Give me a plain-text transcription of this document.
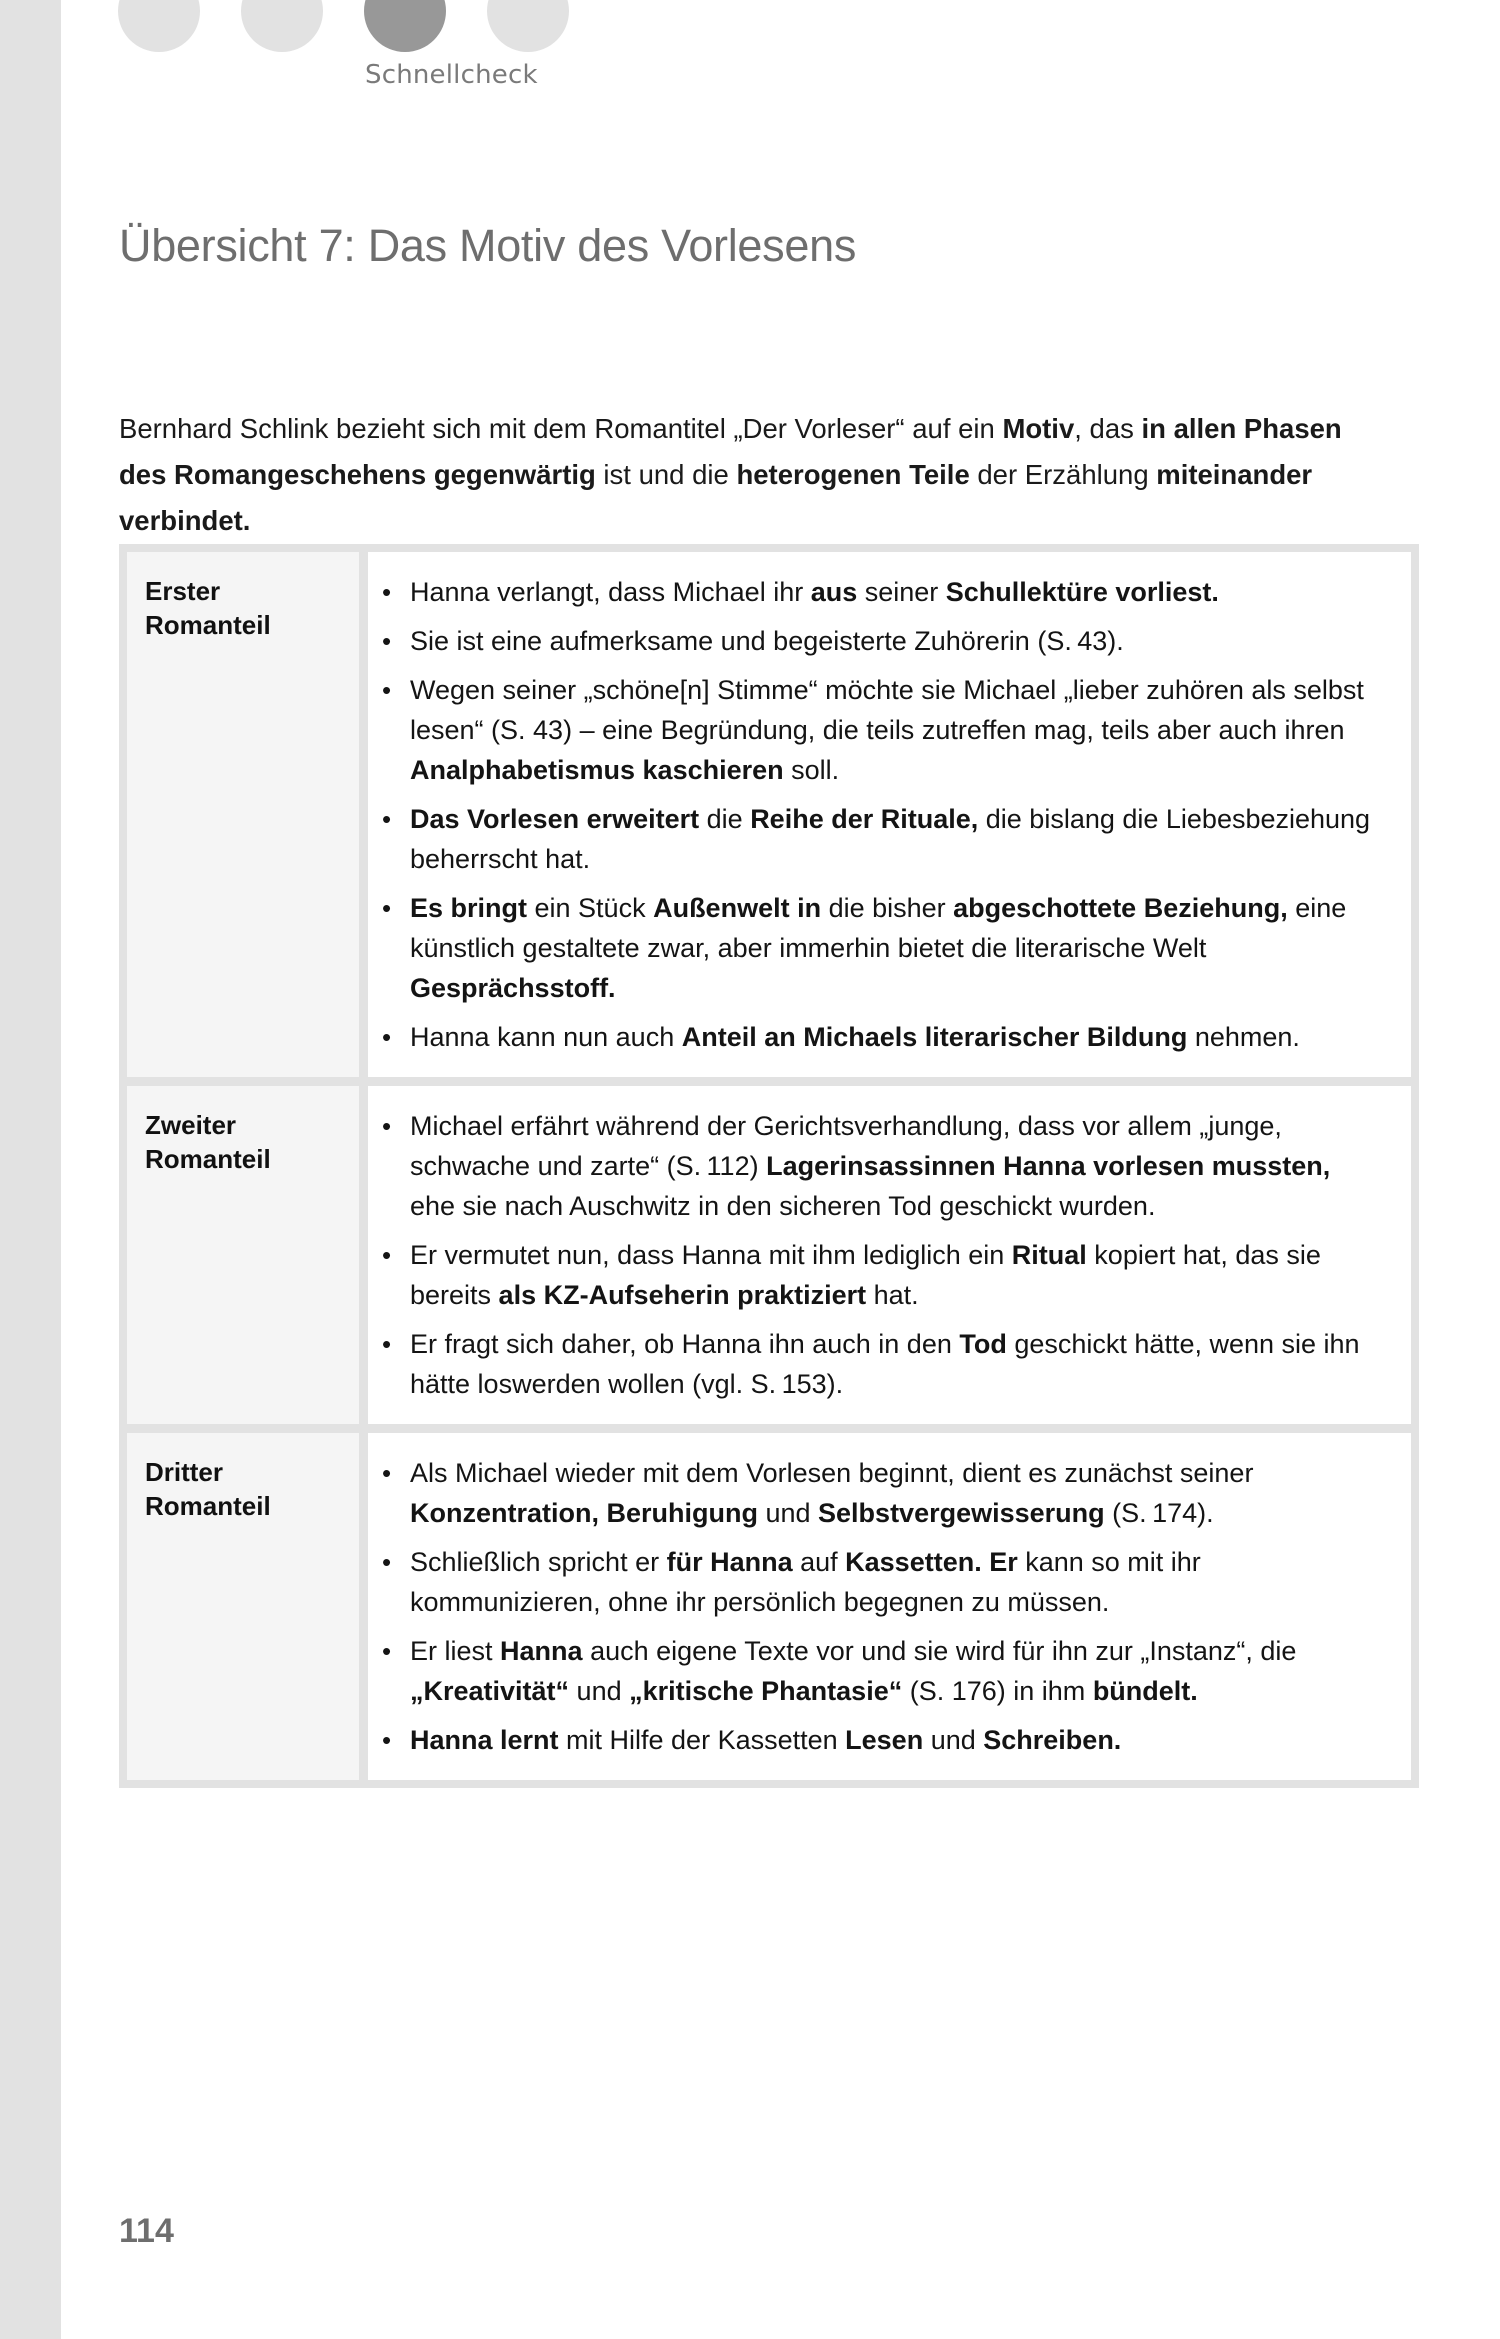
Schnellcheck
Übersicht 7: Das Motiv des Vorlesens

Bernhard Schlink bezieht sich mit dem Romantitel „Der Vorleser“ auf ein Motiv, das in allen Phasen des Romangeschehens gegenwärtig ist und die heterogenen Teile der Erzählung miteinander verbindet.

Erster
Romanteil
• Hanna verlangt, dass Michael ihr aus seiner Schullektüre vorliest.
• Sie ist eine aufmerksame und begeisterte Zuhörerin (S. 43).
• Wegen seiner „schöne[n] Stimme“ möchte sie Michael „lieber zuhören als selbst lesen“ (S. 43) – eine Begründung, die teils zutreffen mag, teils aber auch ihren Analphabetismus kaschieren soll.
• Das Vorlesen erweitert die Reihe der Rituale, die bislang die Liebesbeziehung beherrscht hat.
• Es bringt ein Stück Außenwelt in die bisher abgeschottete Beziehung, eine künstlich gestaltete zwar, aber immerhin bietet die literarische Welt Gesprächsstoff.
• Hanna kann nun auch Anteil an Michaels literarischer Bildung nehmen.
Zweiter
Romanteil
• Michael erfährt während der Gerichtsverhandlung, dass vor allem „junge, schwache und zarte“ (S. 112) Lagerinsassinnen Hanna vorlesen mussten, ehe sie nach Auschwitz in den sicheren Tod geschickt wurden.
• Er vermutet nun, dass Hanna mit ihm lediglich ein Ritual kopiert hat, das sie bereits als KZ-Aufseherin praktiziert hat.
• Er fragt sich daher, ob Hanna ihn auch in den Tod geschickt hätte, wenn sie ihn hätte loswerden wollen (vgl. S. 153).
Dritter
Romanteil
• Als Michael wieder mit dem Vorlesen beginnt, dient es zunächst seiner Konzentration, Beruhigung und Selbstvergewisserung (S. 174).
• Schließlich spricht er für Hanna auf Kassetten. Er kann so mit ihr kommunizieren, ohne ihr persönlich begegnen zu müssen.
• Er liest Hanna auch eigene Texte vor und sie wird für ihn zur „Instanz“, die „Kreativität“ und „kritische Phantasie“ (S. 176) in ihm bündelt.
• Hanna lernt mit Hilfe der Kassetten Lesen und Schreiben.
114
